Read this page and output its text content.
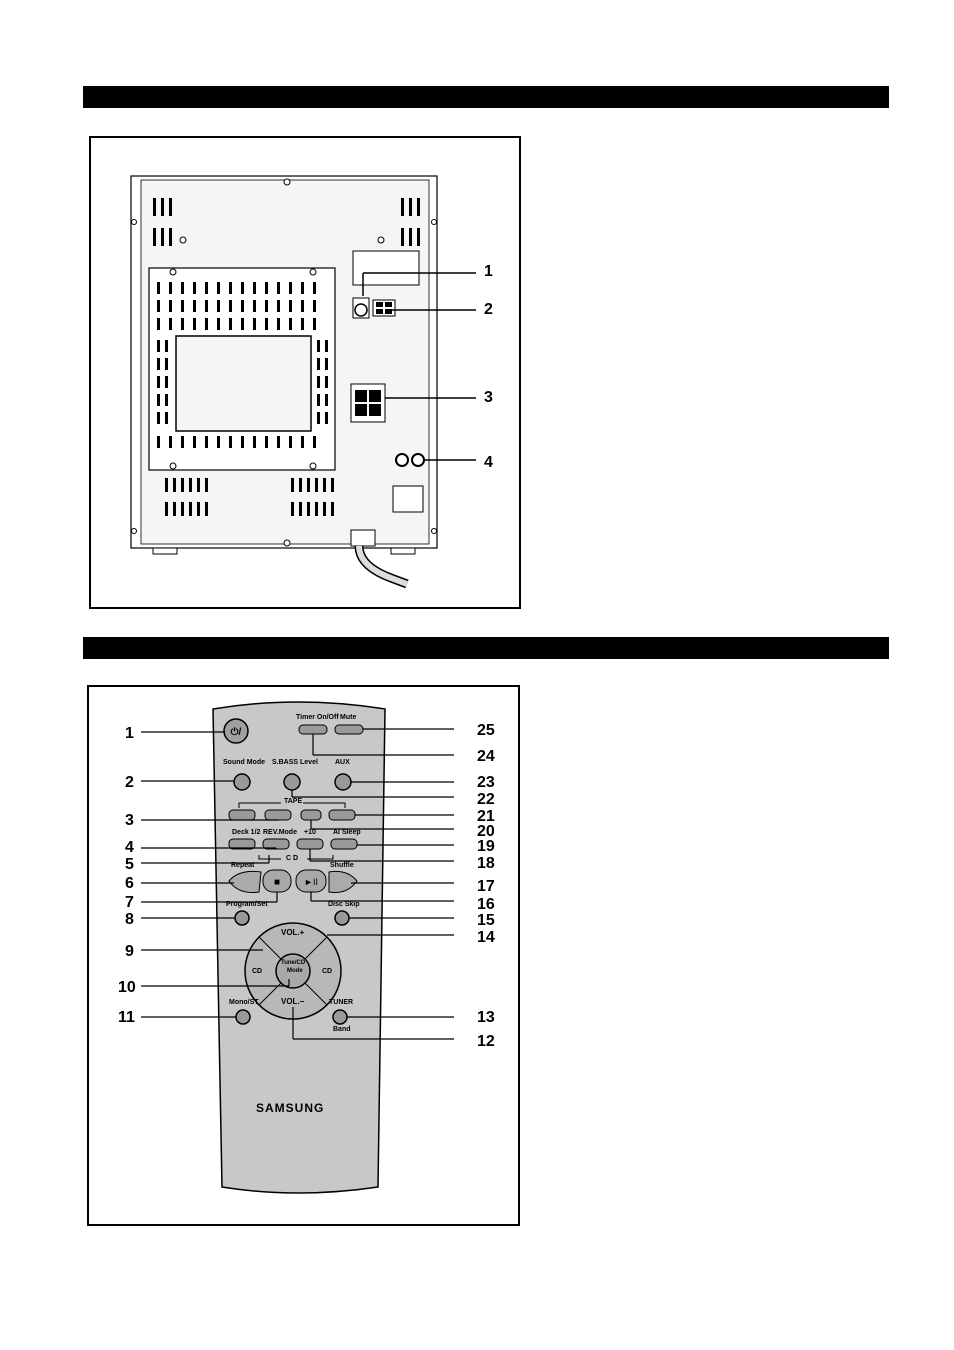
1
2
3
4
⏻/
■	►II
Timer On/Off Mute
Sound Mode S.BASS Level AUX
TAPE
Deck 1/2 REV.Mode +10 AI Sleep
C D
Repeat	Shuffle
Program/Set	Disc Skip
VOL.+
CD	CD
Tune/CD
Mode
VOL.−
Mono/ST	TUNER
Band
SAMSUNG
1
2
3
4
5
6
7
8
9
10
11
25
24
23
22
21
20
19
18
17
16
15
14
13
12
